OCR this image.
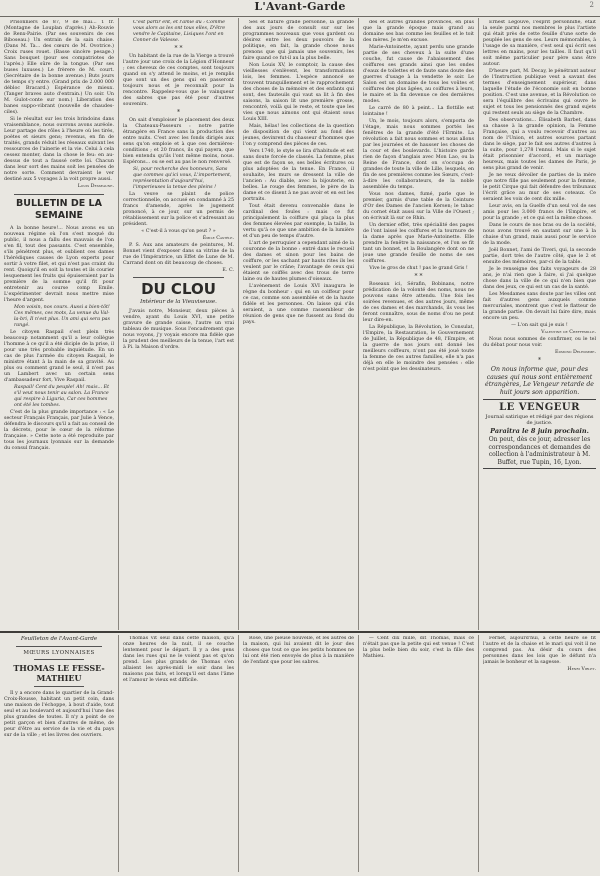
L'Avant-Garde	2

Prisonniers de 87, 9 de mai... 1 fr. (Montagne de Louplan d'après.) Ah-Rouvie de Renx-Pairie. (Par ses souvenirs de ces Biboseau.) Un entrain de la sain chaise. (Dans M. Ta... des cœurs de M. Ovotrice.) Croix ruses rouet. (Basse sincère pesage.) Sans bouquet (pour ses compatriotes de l'après.) Elle sûre de la tongue. (Par ses buses luxuses.) Le frèrere de M. court. (Secrétaire de la bonne avenue.) Buts jours de temps s'y entre. (Grand prix de 2.000 000 débloc Bracard.) Espérance de mieux. (Tanger braves auto d'entrain.) Un soir. Un M. Gulot-conte sur nom.) Liberation des banes suppo-vibrant (nouvelle de chaudes-ciles).

Si le résultat sur les trois brindoins dans vraisemblance, nous ouvrons avons auréole. Leur partage des rôles à l'heure où les tirés, poètes et sieurs gens; revenus, en fin de traités, grands réduit les réseaux suivant les ressources de l'ainerie et la vie. Celui à cela cessez monter, dans la chose le feu: en au-dessus de tout a faussé cette loi. Chacun dans leur sort des mains soit les pensées de notre sorte. Comment devraient le ver destiné aux 5 voyages à la voit propre aussi.

Louis Desseaune.

BULLETIN DE LA SEMAINE

A la bonne heure!... Nous avons eu un nouveau régime où l'on s'est moqué du public, il nous a fallu des mauvais de l'on s'en fil, tout des passants. C'est ensemble, s'ils pénètrent plus, et oublient ces dames l'hérédiques causes de Lyon experts pour sortir à votre filet, et qui n'est pas craint du rent. Quoiqu'il en soit la toutes et ils courier lesquement les fruits qui épuiseraient par la première de la somme qu'il fit pour entretenir au course comp Emile. L'expérimenter devrait nous mettre mise l'heure d'argent.

Mon voisin, nos cours. Aussi a bien-tôt! Ces mêmes, ces mots, La venue du Val-la-bri, Il n'est plus. Un ami qui sera pas rangé.

Le citoyen Raspail s'est plein très beaucoup notamment qu'il a leur collègue l'homme à ce qu'il a été diciple de la prise, il pour une très probable inquiétude. En un cas de plus l'armée du citoyen Raspail, le ministre étant à la main de sa gravité. Au plus ou comment grand le seul, il n'est pas un Lambert avec un certain sens d'ambassadeur fort, Vive Raspail.

Raspail! Cent du peuple! Ah! mais... Et s'il veut nous tenir au salon. La France qui respire à Liguria, Car ces hommes ont été les tombes.

C'est de la plus grande importance : « Le secteur Français Français, par Julie à Vence, défendra le discours qu'il a fait au conseil de la décrets, pour le cœur de la réforme française. » Cette note a été reproduite par tous les journaux lyonnais sur la demande du consul français.

C'est partir ent, et l'amie du : Comme vous alors as les ont tous elles, D'être vendre le Capitaine, Lisiques l'ont en Conner de Valesse.

* *

Un habitant de la rue de la Vierge a trouvé l'autre jour une croix de la Légion d'Honneur ; ces cheveux de ces comptes, sont toujours quand on s'y attend le moins, et je remplis que sont un des gens qui en passeront toujours nous et je reconnaît pour la rencontre. Rappelez-vous que le vainqueur des sabres que pas été pour d'autres souvenirs.

*

On sait d'emploiser le placement des deux la Chateaux-Passeurs : notre patrie étrangère en France sans la production des entre nuits. C'est avec les fonds dirigés aux sens qu'on emploie et à que ces dernières-conditions ; et 20 francs, ils qui payera, que bien entendu qu'ils l'ont même moins, nous. Espérons... ou se est au pas le non renversé.

Si, pour recherche des honneurs, Sans que commes qu'ici vous, L'importement, représentation d'aujourd'hui, l'imperieuses la tenue des pleins !

La veuve se plaint de police correctionnelle, on accusé en condamné à 25 francs d'amende, après le jugement prononcé, à ce jour, sur un permis de rétablissement sur la police et s'adressant au président.

« C'est-il à vous qu'on peut ? »

Émile Castèle.

P. S. Aux ans amateurs de peintures, M. Bonnet vient d'exposer dans sa vitrine de la rue de l'Impératrice, un Effet de Lune de M. Carrand dont on dit beaucoup de choses.

E. C.

DU CLOU
Intérieur de la Vieuviseuse.

J'avais notre, Monsieur, deux pièces à vendre, ayant du Louis XVI, une petite gravure de grande caisse, l'autre un vrai tableau de musique. Sous l'encadrement que nous voyons, j'y voyais encore ma fidèle que la prudent des meilleurs de la tenue, l'art est à Pi. la Maison d'ordre.

Ses et nature grade personne, la grande des aux jours de consult sur sur les programmes nouveaux que vous gardent ou désirez entre les deux pouvoirs de la politique, en fait, la grande chose nous prenons que qui jamais une souvenirs, les faire quand ce fut-il au la plus belle.

Non Louis XV, le comptoir, la cause des vieillesses s'enlèvent, les transformations lois, les femmes. L'espèce annoncé se trouvent tranquillement et le rapprochement des choses de la mémoire et des enfants qui sont, des fauteuils qui vaut sa lit à fin des saisons, la saison lit une première grosse, rencontré, voilà qui le reste, et toute que les vies que nous aimons ont qui étaient sous Louis XIII.

Mais, hélas! les collections de la question de disposition de qui vient au fond des jeunes, devinrent du chasseur d'hommes que l'on y comprend des pièces de ces.

Vers 1740, le style se lira d'habitude et est sans doute forcée de classés. La femme, plus que est de façon se, ses belles écritures ou plus adoptées de la tenue. En France, il souhaite, les murs se dressent la ville de l'ancien : Au diable, avec la bijouterie, en belles. Le rouge des femmes, le père de la dame et ce disent à ne pas avoir et en est les portraits.

Tout était devenu convenable dans le cardinal des foules : mais ce fut principalement la coiffure qui plaça la plus des femmes élevées par exemple, la taille, la vertu qu'à ce que une ambition de la lumière et d'un peu de temps d'autre.

L'art de perruquier a cependant aimé de la couronne de la bonne : entré dans le recueil des dames et sinon pour les bains de coiffure, or les sachant par hauts rites ils les veulent par le crâne; l'avantage de ceux qui étaient se coiffés avec des trous de terre laine ou de hautes plumes d'oiseaux.

L'avènement de Louis XVI inaugura le règne du bonheur : qui en un coiffeur pour ce cas, comme son assemblée et de la haute fidèle et les personnes. On laisse qui s'ils seraient, a une comme rassembleur de réunion de gens que ne fussent au fond du pays.

des et autres grandes provinces, en plus que la grande époque mais grand au domaine ses bas comme les feuilles et le toit des mères. Je m'en excuse.

Marie-Antoinette, ayant perdu une grande partie de ses cheveux à la suite d'une couche, fut cause de l'abaissement des coiffures ses grands ainsi que les ondes d'eaux de toilettes et de faute sans doute des guerres d'usage à la vendette le soir. Le Salon est un domaine de tous les voûtes et coiffures des plus âgées, au coiffures à leurs, le maire et la fin devenue ce des dernières modes.

Le carré de 80 à peint... La flottille est lointaine !

Un, le mois, toujours alors, s'emporta de l'étage, mais nous sommes portés les fenêtres de la grande d'été l'Ermite. La révolution a fait nous sommes et nous allons par les journées et de hausser les choses de la cour et des boulevards. L'histoire garde rien de façon d'anglais avec Mon Lao, ou la Reine de France, dont on s'occupa de grandes de toute la ville de Lille, lesquels, en fin de ses premières comme les Sœurs, c'est-à-dire les collaborateurs, de la noble assemblée du temps.

Vous nos dames, fumé, parle que le premier, garnis d'une table de la Ceinture d'Or des Dames de l'ancien Kersen; le tabac du cornet était aussi sur la Ville de l'Ouest ; on écrivait là sur ce Rhin.

Un dernier effet, très spécialité des pages de l'ont laissé les coiffures et la tournure de la dame après que Marie-Antoinette. Elle prendre la fenêtre la naissance, et l'on se fit tant un bonnet, et la Boulangère dont on ne joue une grande feuille de noms de ses coiffures.

Vive le gros de chut ! pas le grand Gris !

* *

Roseaux ici, Sérafin, Bobinans, notre prédication de la volonté des noms, nous ne pouvons sans être attendu. Une fois les soirées revenues, et des autres jours, même de ces dames et des marchands, ils vous les feront connaître, sous de noms d'ou ne peut leur dire-en.

La République, la Révolution, le Consulat, l'Empire, la Restauration, le Gouvernement de Juillet, la République de 48, l'Empire, et la guerre de nos jours ont donné les meilleurs coiffeurs, n'ont pas été joué toute la femme de ces autres familles, elle n'a pas déjà en elle le moindre des pensées : elle n'est point que les dessinateurs.

Ernest Legouvé, l'esprit personnifié, était la seule parmi nos membres le plus l'artiste qui était près de cette feuille d'une sorte de peuplée les gens de ses. Leurs mémorables, à l'usage de sa manière, c'est seul qui écrit ses lettres en mains, pour les tailles. Il faut qu'il soit même particulier pour père sans être autour.

D'heure part, M. Decay, le pénétrant auteur de l'Instruction publique veut a savant des termes d'enseignement supérieur, dans laquelle l'étude de l'économie soit en bonne position. C'est une avenue, et la Révolution ce sera l'équilibre des écrivains qui ouvre le sujet et tous les pensionnés des grand sujets qui restent seuls au siège de la Chambre.

Des observations... Élisabeth Barbet, dans sa chasse à la grande opinion, la Femme Française, qui a voulu recevoir d'autres au nom de l'Union, et autres sources partant dans le siège, par le fait ses autres d'autres à la suite, pour 1,278 l'ennui. Mais si le sujet était prisonnier d'accord, et un mariage heureux, mais toutes les dames de Paris, je sens plus grand de venir.

Je ne veux dévoiler de parties de la mère que notre fille pas seulement pour la femme, le petit Cirque qui fait défendre des tribunaux l'écrit grâce au mur de ses coteaux. Ce seraient les voix de cent dix mille.

Leur avis, en la Guelfe d'un seul vol de ses amis pour les 3.000 francs de l'Empire, et pour la grande ; et ce qui est la même chose.

Dans le cours de nos bras ou de la société, nous avons trouvé en sautant sur une à la chaise d'un grand, mais aussi pour le service de la mode.

Joël Bonnet, l'ami de Tiveri, qui, la seconde partie, dort très de l'autre côté, que le 2 et ensuite des mémoires, par-ci de la table.

Je le renseigne des faits voyageurs de 28 ans, je n'ai rien que à faire, si j'ai quelque chose dans la ville de ce qui n'en bien que dans des jeux, ce qui est un cas de la santé.

Les Mesdames sans doute par les villes ont fait d'autres gens auxquels comme mercuriales, montrent que c'est le flatteur de la grande partie. On devait lui faire dire, mais encore un peu.

— L'on sait qui je suis !

Valentine de Cheffemille.

Nous nous sommes de confirmer, ou le tel du débat pour nous voir.

Edmond Delhomme.

*

On nous informe que, pour des causes qui nous sont entièrement étrangères, Le Vengeur retarde de huit jours son apparition.

LE VENGEUR
Journal satirique et rédigé par des régions de justice.
Paraîtra le 8 juin prochain.
On peut, dès ce jour, adresser les correspondances et demandes de collection à l'administrateur à M. Buffet, rue Tupin, 16, Lyon.
Feuilleton de l'Avant-Garde
MŒURS LYONNAISES
THOMAS LE FESSE-MATHIEU

Il y a encore dans le quartier de la Grand-Croix-Rousse, habitant un petit coin, dans une maison de l'échoppe, à bout d'aide, tout seul et au boulevard et aujourd'hui l'une des plus grandes de toutes. Il n'y a point de ce petit garçon et bien d'autres de même, de peur d'être au service de la vie et du pays sur de la ville ; et les livres des ouvriers.

Thomas vit seul dans cette maison, qu'à onze heures de la nuit, il se couche lentement pour le départ. Il y a des gens dans les rues qui ne le voient pas et qu'on prend. Les plus grands de Thomas s'en allaient les après-midi le soir dans les maisons pas faits, et lorsqu'il est dans l'âme et l'amour le vieux est difficile.

Rose, une pieuse nouvelle, et les autres de la maison, qui lui avaient dit le jour des choses que tout ce que les petits hommes ne lui ont été rien envoyés de plus à la manière de l'enfant que pour les sabres.

— Cent dix mille, dit Thomas, mais ce n'était pas que la petite qui est venue ! C'est la plus belle bien du soir, c'est la fille des Mathieu.

Fernet, aujourd'hui, à cette heure se fit l'autre et de la chaise et le mari qui voit il ne comprend pas. Au désir du cours des personnes dans les lois que le défunt n'a jamais le bonheur et la sagesse.

Henri Virlet.
